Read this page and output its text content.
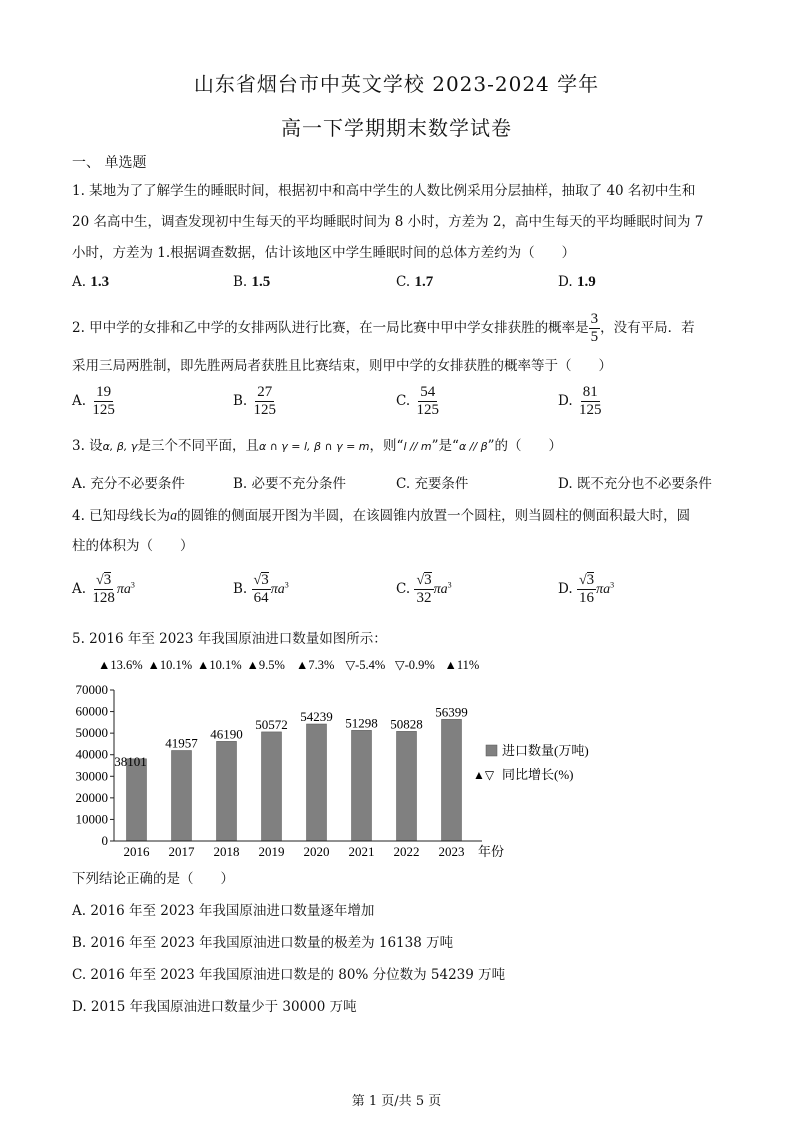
山东省烟台市中英文学校 2023-2024 学年
高一下学期期末数学试卷
一、 单选题
1. 某地为了了解学生的睡眠时间，根据初中和高中学生的人数比例采用分层抽样，抽取了 40 名初中生和
20 名高中生，调查发现初中生每天的平均睡眠时间为 8 小时，方差为 2，高中生每天的平均睡眠时间为 7
小时，方差为 1.根据调查数据，估计该地区中学生睡眠时间的总体方差约为（　　）
A. 1.3	B. 1.5	C. 1.7	D. 1.9
2. 甲中学的女排和乙中学的女排两队进行比赛，在一局比赛中甲中学女排获胜的概率是 $\frac{3}{5}$ ，没有平局．若
采用三局两胜制，即先胜两局者获胜且比赛结束，则甲中学的女排获胜的概率等于（　　）
A. $\frac{19}{125}$	B. $\frac{27}{125}$	C. $\frac{54}{125}$	D. $\frac{81}{125}$
3. 设α, β, γ是三个不同平面，且α ∩ γ = l, β ∩ γ = m，则“l // m”是“α // β”的（　　）
A. 充分不必要条件	B. 必要不充分条件	C. 充要条件	D. 既不充分也不必要条件
4. 已知母线长为a的圆锥的侧面展开图为半圆，在该圆锥内放置一个圆柱，则当圆柱的侧面积最大时，圆
柱的体积为（　　）
A. $\frac{√ 3}{128} \pi a^3$	B. $\frac{√ 3}{64} \pi a^3$	C. $\frac{√ 3}{32} \pi a^3$	D. $\frac{√ 3}{16} \pi a^3$
5. 2016 年至 2023 年我国原油进口数量如图所示：
▲13.6% ▲10.1% ▲10.1% ▲9.5% ▲7.3% ▽-5.4% ▽-0.9% ▲11%
70000
60000
50000
40000
30000
20000
10000
0
38101
41957
46190
50572
54239 51298 50828
56399
2016 2017 2018 2019 2020 2021 2022 2023 年份
进口数量(万吨)
▲▽ 同比增长(%)
下列结论正确的是（　　）
A. 2016 年至 2023 年我国原油进口数量逐年增加
B. 2016 年至 2023 年我国原油进口数量的极差为 16138 万吨
C. 2016 年至 2023 年我国原油进口数是的 80% 分位数为 54239 万吨
D. 2015 年我国原油进口数量少于 30000 万吨
第 1 页/共 5 页
